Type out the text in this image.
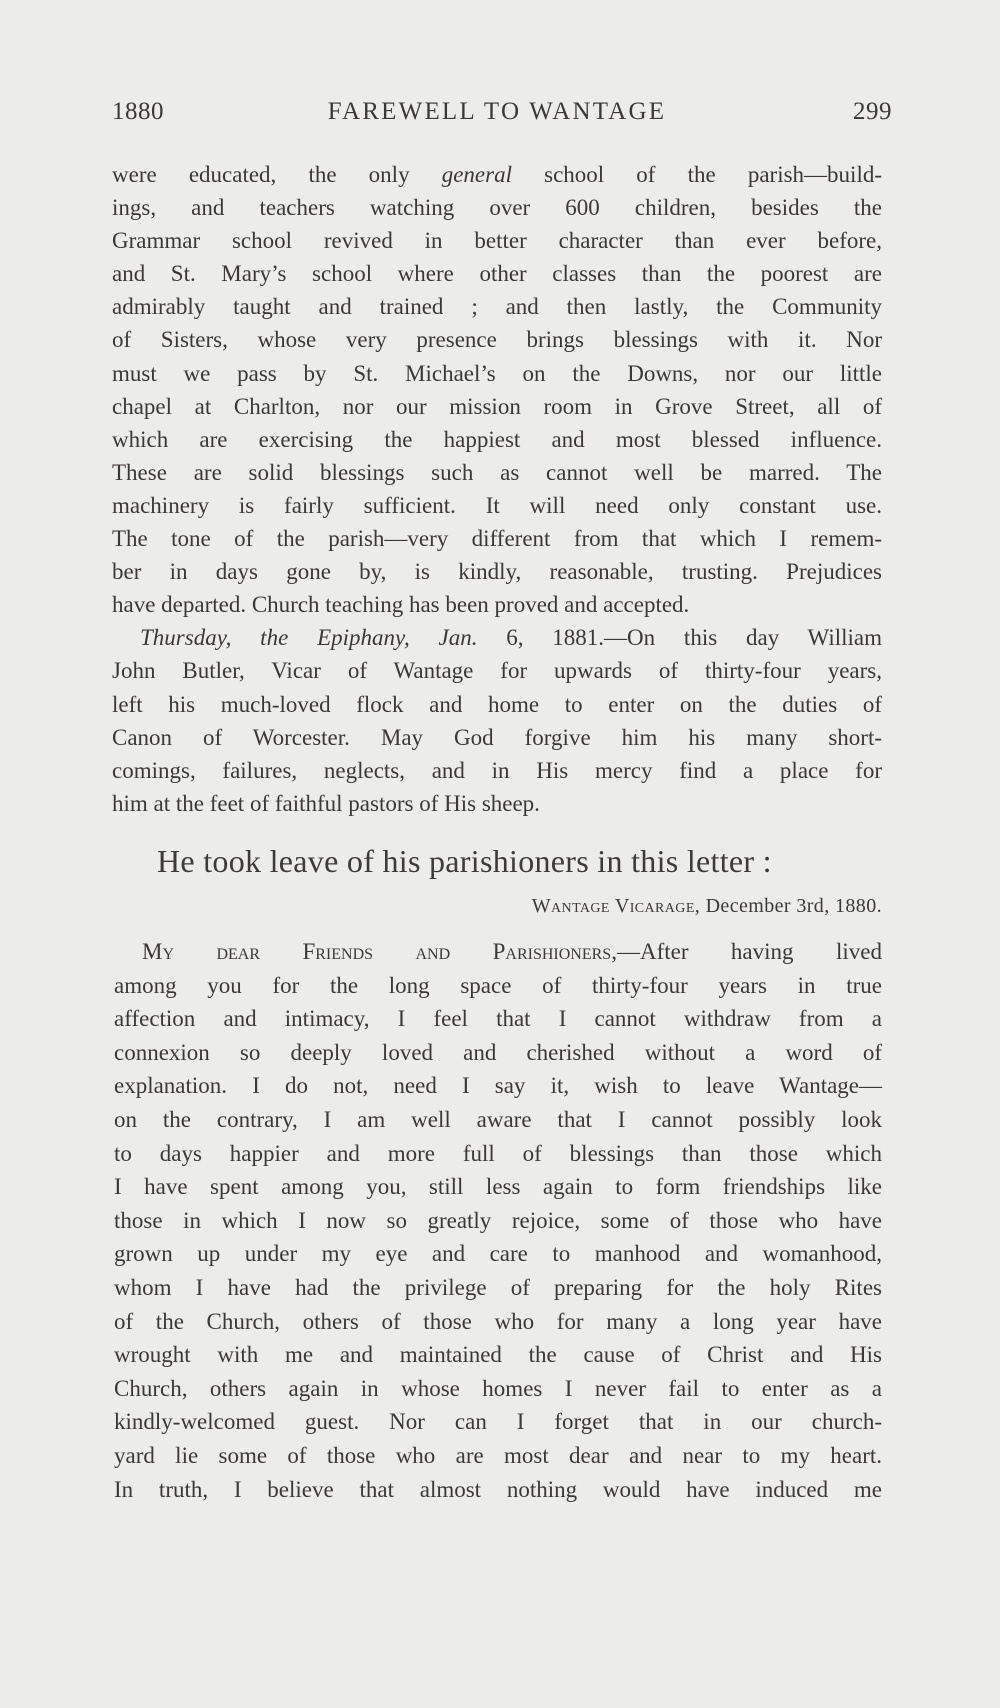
1880	FAREWELL TO WANTAGE	299

were educated, the only general school of the parish—build-
ings, and teachers watching over 600 children, besides the
Grammar school revived in better character than ever before,
and St. Mary’s school where other classes than the poorest are
admirably taught and trained ; and then lastly, the Community
of Sisters, whose very presence brings blessings with it. Nor
must we pass by St. Michael’s on the Downs, nor our little
chapel at Charlton, nor our mission room in Grove Street, all of
which are exercising the happiest and most blessed influence.
These are solid blessings such as cannot well be marred. The
machinery is fairly sufficient. It will need only constant use.
The tone of the parish—very different from that which I remem-
ber in days gone by, is kindly, reasonable, trusting. Prejudices
have departed. Church teaching has been proved and accepted.

Thursday, the Epiphany, Jan. 6, 1881.—On this day William
John Butler, Vicar of Wantage for upwards of thirty-four years,
left his much-loved flock and home to enter on the duties of
Canon of Worcester. May God forgive him his many short-
comings, failures, neglects, and in His mercy find a place for
him at the feet of faithful pastors of His sheep.

He took leave of his parishioners in this letter :
Wantage Vicarage, December 3rd, 1880.

My dear Friends and Parishioners,—After having lived
among you for the long space of thirty-four years in true
affection and intimacy, I feel that I cannot withdraw from a
connexion so deeply loved and cherished without a word of
explanation. I do not, need I say it, wish to leave Wantage—
on the contrary, I am well aware that I cannot possibly look
to days happier and more full of blessings than those which
I have spent among you, still less again to form friendships like
those in which I now so greatly rejoice, some of those who have
grown up under my eye and care to manhood and womanhood,
whom I have had the privilege of preparing for the holy Rites
of the Church, others of those who for many a long year have
wrought with me and maintained the cause of Christ and His
Church, others again in whose homes I never fail to enter as a
kindly-welcomed guest. Nor can I forget that in our church-
yard lie some of those who are most dear and near to my heart.
In truth, I believe that almost nothing would have induced me
